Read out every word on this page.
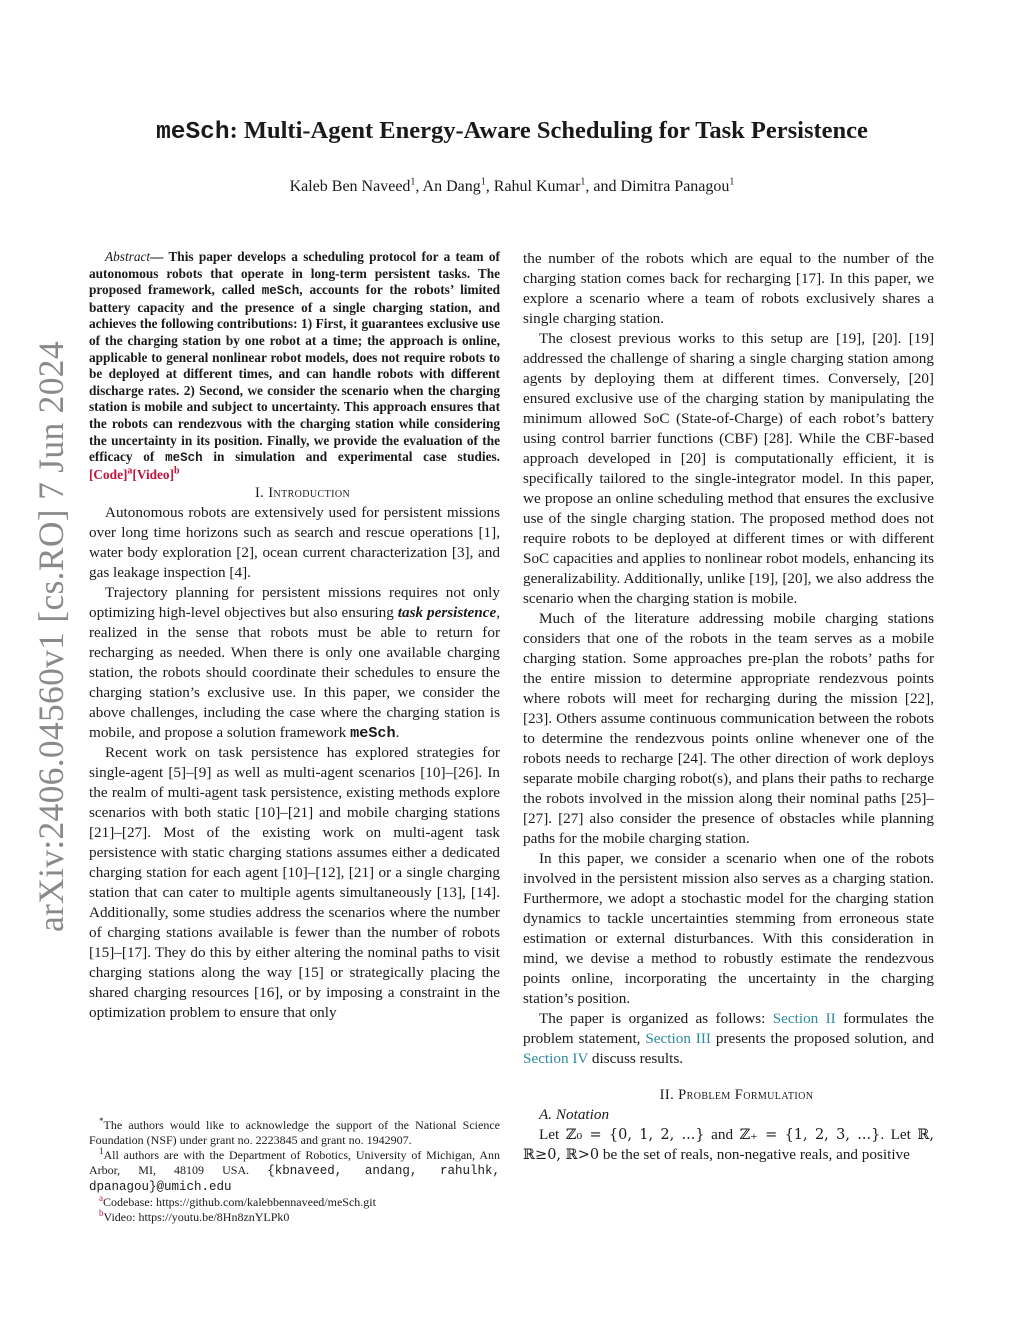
meSch: Multi-Agent Energy-Aware Scheduling for Task Persistence
Kaleb Ben Naveed$^1$, An Dang$^1$, Rahul Kumar$^1$, and Dimitra Panagou$^1$
arXiv:2406.04560v1 [cs.RO] 7 Jun 2024

Abstract— This paper develops a scheduling protocol for a team of autonomous robots that operate in long-term persistent tasks. The proposed framework, called meSch, accounts for the robots’ limited battery capacity and the presence of a single charging station, and achieves the following contributions: 1) First, it guarantees exclusive use of the charging station by one robot at a time; the approach is online, applicable to general nonlinear robot models, does not require robots to be deployed at different times, and can handle robots with different discharge rates. 2) Second, we consider the scenario when the charging station is mobile and subject to uncertainty. This approach ensures that the robots can rendezvous with the charging station while considering the uncertainty in its position. Finally, we provide the evaluation of the efficacy of meSch in simulation and experimental case studies. [Code]$^a$[Video]$^b$

I. Introduction

Autonomous robots are extensively used for persistent missions over long time horizons such as search and rescue operations [1], water body exploration [2], ocean current characterization [3], and gas leakage inspection [4].

Trajectory planning for persistent missions requires not only optimizing high-level objectives but also ensuring task persistence, realized in the sense that robots must be able to return for recharging as needed. When there is only one available charging station, the robots should coordinate their schedules to ensure the charging station’s exclusive use. In this paper, we consider the above challenges, including the case where the charging station is mobile, and propose a solution framework meSch.

Recent work on task persistence has explored strategies for single-agent [5]–[9] as well as multi-agent scenarios [10]–[26]. In the realm of multi-agent task persistence, existing methods explore scenarios with both static [10]–[21] and mobile charging stations [21]–[27]. Most of the existing work on multi-agent task persistence with static charging stations assumes either a dedicated charging station for each agent [10]–[12], [21] or a single charging station that can cater to multiple agents simultaneously [13], [14]. Additionally, some studies address the scenarios where the number of charging stations available is fewer than the number of robots [15]–[17]. They do this by either altering the nominal paths to visit charging stations along the way [15] or strategically placing the shared charging resources [16], or by imposing a constraint in the optimization problem to ensure that only

the number of the robots which are equal to the number of the charging station comes back for recharging [17]. In this paper, we explore a scenario where a team of robots exclusively shares a single charging station.

The closest previous works to this setup are [19], [20]. [19] addressed the challenge of sharing a single charging station among agents by deploying them at different times. Conversely, [20] ensured exclusive use of the charging station by manipulating the minimum allowed SoC (State-of-Charge) of each robot’s battery using control barrier functions (CBF) [28]. While the CBF-based approach developed in [20] is computationally efficient, it is specifically tailored to the single-integrator model. In this paper, we propose an online scheduling method that ensures the exclusive use of the single charging station. The proposed method does not require robots to be deployed at different times or with different SoC capacities and applies to nonlinear robot models, enhancing its generalizability. Additionally, unlike [19], [20], we also address the scenario when the charging station is mobile.

Much of the literature addressing mobile charging stations considers that one of the robots in the team serves as a mobile charging station. Some approaches pre-plan the robots’ paths for the entire mission to determine appropriate rendezvous points where robots will meet for recharging during the mission [22], [23]. Others assume continuous communication between the robots to determine the rendezvous points online whenever one of the robots needs to recharge [24]. The other direction of work deploys separate mobile charging robot(s), and plans their paths to recharge the robots involved in the mission along their nominal paths [25]–[27]. [27] also consider the presence of obstacles while planning paths for the mobile charging station.

In this paper, we consider a scenario when one of the robots involved in the persistent mission also serves as a charging station. Furthermore, we adopt a stochastic model for the charging station dynamics to tackle uncertainties stemming from erroneous state estimation or external disturbances. With this consideration in mind, we devise a method to robustly estimate the rendezvous points online, incorporating the uncertainty in the charging station’s position.

The paper is organized as follows: Section II formulates the problem statement, Section III presents the proposed solution, and Section IV discuss results.

II. Problem Formulation

A. Notation

Let ℤ₀ = {0, 1, 2, ...} and ℤ₊ = {1, 2, 3, ...}. Let ℝ, ℝ≥0, ℝ>0 be the set of reals, non-negative reals, and positive

*The authors would like to acknowledge the support of the National Science Foundation (NSF) under grant no. 2223845 and grant no. 1942907.

$^1$All authors are with the Department of Robotics, University of Michigan, Ann Arbor, MI, 48109 USA. {kbnaveed, andang, rahulhk, dpanagou}@umich.edu

$^a$Codebase: https://github.com/kalebbennaveed/meSch.git

$^b$Video: https://youtu.be/8Hn8znYLPk0
